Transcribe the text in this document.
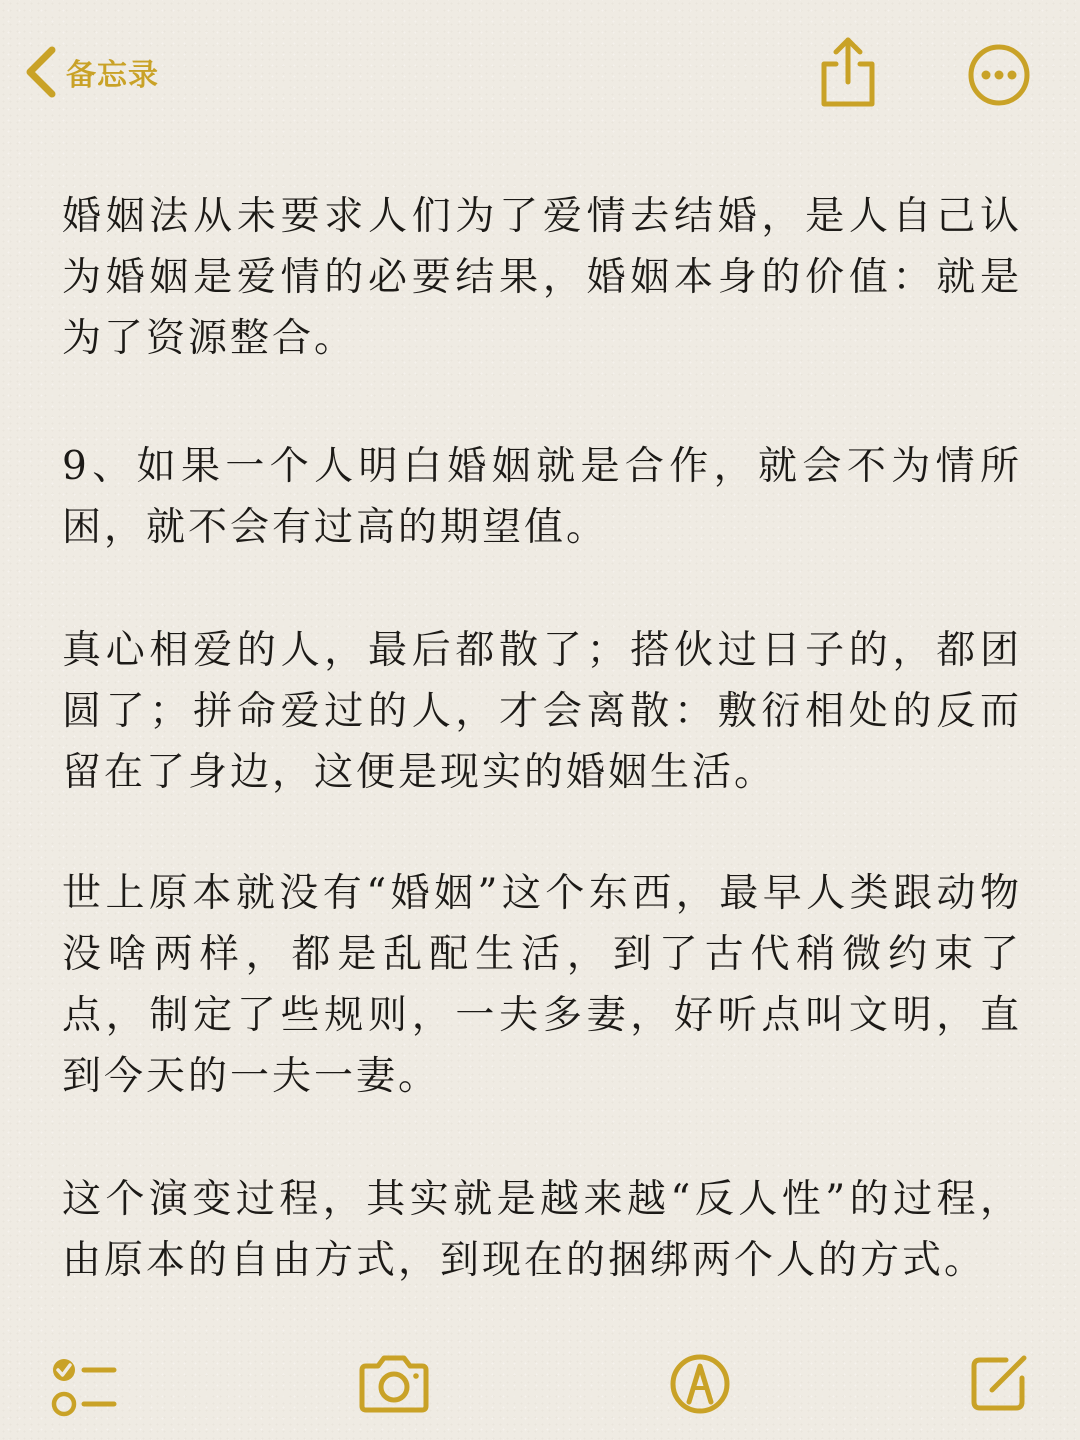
备忘录

婚姻法从未要求人们为了爱情去结婚，是人自己认为婚姻是爱情的必要结果，婚姻本身的价值：就是为了资源整合。

9、如果一个人明白婚姻就是合作，就会不为情所困，就不会有过高的期望值。

真心相爱的人，最后都散了；搭伙过日子的，都团圆了；拼命爱过的人，才会离散：敷衍相处的反而留在了身边，这便是现实的婚姻生活。

世上原本就没有“婚姻”这个东西，最早人类跟动物没啥两样，都是乱配生活，到了古代稍微约束了点，制定了些规则，一夫多妻，好听点叫文明，直到今天的一夫一妻。

这个演变过程，其实就是越来越“反人性”的过程，由原本的自由方式，到现在的捆绑两个人的方式。
